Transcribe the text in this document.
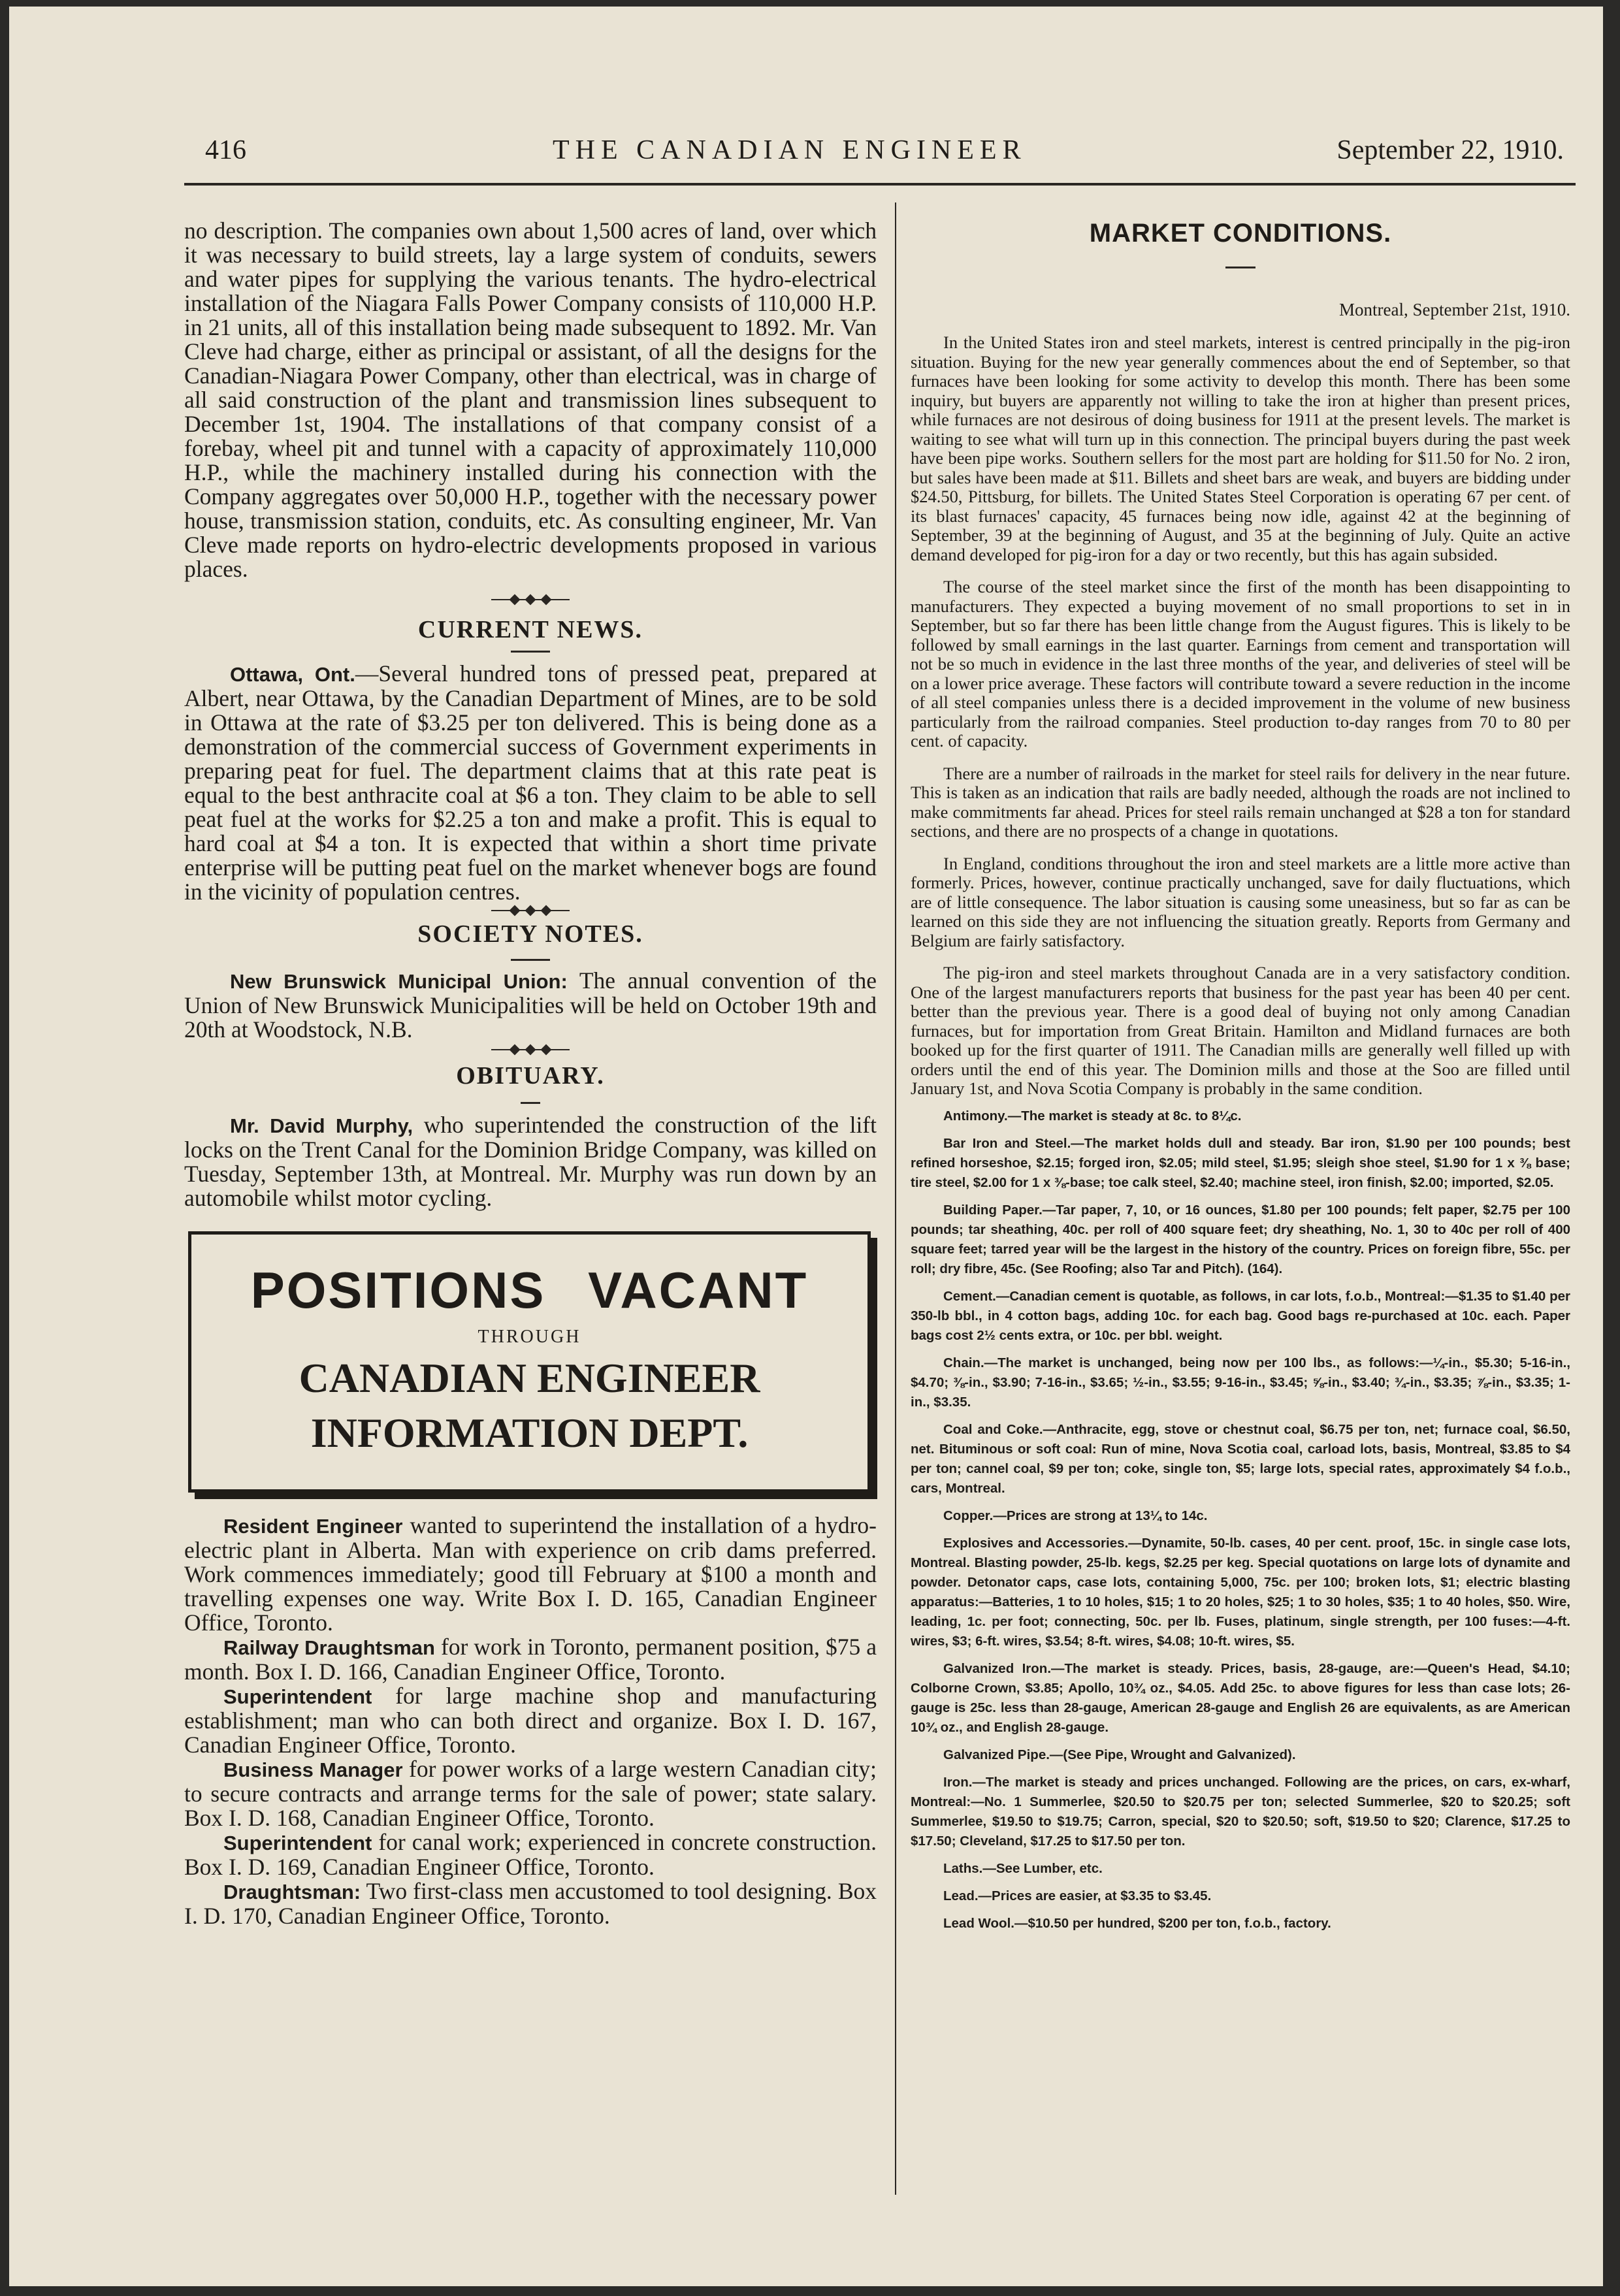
416	THE CANADIAN ENGINEER	September 22, 1910.

no description. The companies own about 1,500 acres of land, over which it was necessary to build streets, lay a large system of conduits, sewers and water pipes for supplying the various tenants. The hydro-electrical installation of the Niagara Falls Power Company consists of 110,000 H.P. in 21 units, all of this installation being made subsequent to 1892. Mr. Van Cleve had charge, either as principal or assistant, of all the designs for the Canadian-Niagara Power Company, other than electrical, was in charge of all said construction of the plant and transmission lines subsequent to December 1st, 1904. The installations of that company consist of a forebay, wheel pit and tunnel with a capacity of approximately 110,000 H.P., while the machinery installed during his connection with the Company aggregates over 50,000 H.P., together with the necessary power house, transmission station, conduits, etc. As consulting engineer, Mr. Van Cleve made reports on hydro-electric developments proposed in various places.

CURRENT NEWS.

Ottawa, Ont.—Several hundred tons of pressed peat, prepared at Albert, near Ottawa, by the Canadian Department of Mines, are to be sold in Ottawa at the rate of $3.25 per ton delivered. This is being done as a demonstration of the commercial success of Government experiments in preparing peat for fuel. The department claims that at this rate peat is equal to the best anthracite coal at $6 a ton. They claim to be able to sell peat fuel at the works for $2.25 a ton and make a profit. This is equal to hard coal at $4 a ton. It is expected that within a short time private enterprise will be putting peat fuel on the market whenever bogs are found in the vicinity of population centres.

SOCIETY NOTES.

New Brunswick Municipal Union: The annual convention of the Union of New Brunswick Municipalities will be held on October 19th and 20th at Woodstock, N.B.

OBITUARY.

Mr. David Murphy, who superintended the construction of the lift locks on the Trent Canal for the Dominion Bridge Company, was killed on Tuesday, September 13th, at Montreal. Mr. Murphy was run down by an automobile whilst motor cycling.

POSITIONS VACANT
THROUGH
CANADIAN ENGINEER
INFORMATION DEPT.

Resident Engineer wanted to superintend the installation of a hydro-electric plant in Alberta. Man with experience on crib dams preferred. Work commences immediately; good till February at $100 a month and travelling expenses one way. Write Box I. D. 165, Canadian Engineer Office, Toronto.

Railway Draughtsman for work in Toronto, permanent position, $75 a month. Box I. D. 166, Canadian Engineer Office, Toronto.

Superintendent for large machine shop and manufacturing establishment; man who can both direct and organize. Box I. D. 167, Canadian Engineer Office, Toronto.

Business Manager for power works of a large western Canadian city; to secure contracts and arrange terms for the sale of power; state salary. Box I. D. 168, Canadian Engineer Office, Toronto.

Superintendent for canal work; experienced in concrete construction. Box I. D. 169, Canadian Engineer Office, Toronto.

Draughtsman: Two first-class men accustomed to tool designing. Box I. D. 170, Canadian Engineer Office, Toronto.

MARKET CONDITIONS.
Montreal, September 21st, 1910.

In the United States iron and steel markets, interest is centred principally in the pig-iron situation. Buying for the new year generally commences about the end of September, so that furnaces have been looking for some activity to develop this month. There has been some inquiry, but buyers are apparently not willing to take the iron at higher than present prices, while furnaces are not desirous of doing business for 1911 at the present levels. The market is waiting to see what will turn up in this connection. The principal buyers during the past week have been pipe works. Southern sellers for the most part are holding for $11.50 for No. 2 iron, but sales have been made at $11. Billets and sheet bars are weak, and buyers are bidding under $24.50, Pittsburg, for billets. The United States Steel Corporation is operating 67 per cent. of its blast furnaces' capacity, 45 furnaces being now idle, against 42 at the beginning of September, 39 at the beginning of August, and 35 at the beginning of July. Quite an active demand developed for pig-iron for a day or two recently, but this has again subsided.

The course of the steel market since the first of the month has been disappointing to manufacturers. They expected a buying movement of no small proportions to set in in September, but so far there has been little change from the August figures. This is likely to be followed by small earnings in the last quarter. Earnings from cement and transportation will not be so much in evidence in the last three months of the year, and deliveries of steel will be on a lower price average. These factors will contribute toward a severe reduction in the income of all steel companies unless there is a decided improvement in the volume of new business particularly from the railroad companies. Steel production to-day ranges from 70 to 80 per cent. of capacity.

There are a number of railroads in the market for steel rails for delivery in the near future. This is taken as an indication that rails are badly needed, although the roads are not inclined to make commitments far ahead. Prices for steel rails remain unchanged at $28 a ton for standard sections, and there are no prospects of a change in quotations.

In England, conditions throughout the iron and steel markets are a little more active than formerly. Prices, however, continue practically unchanged, save for daily fluctuations, which are of little consequence. The labor situation is causing some uneasiness, but so far as can be learned on this side they are not influencing the situation greatly. Reports from Germany and Belgium are fairly satisfactory.

The pig-iron and steel markets throughout Canada are in a very satisfactory condition. One of the largest manufacturers reports that business for the past year has been 40 per cent. better than the previous year. There is a good deal of buying not only among Canadian furnaces, but for importation from Great Britain. Hamilton and Midland furnaces are both booked up for the first quarter of 1911. The Canadian mills are generally well filled up with orders until the end of this year. The Dominion mills and those at the Soo are filled until January 1st, and Nova Scotia Company is probably in the same condition.

Antimony.—The market is steady at 8c. to 8¼c.

Bar Iron and Steel.—The market holds dull and steady. Bar iron, $1.90 per 100 pounds; best refined horseshoe, $2.15; forged iron, $2.05; mild steel, $1.95; sleigh shoe steel, $1.90 for 1 x ⅜ base; tire steel, $2.00 for 1 x ⅜-base; toe calk steel, $2.40; machine steel, iron finish, $2.00; imported, $2.05.

Building Paper.—Tar paper, 7, 10, or 16 ounces, $1.80 per 100 pounds; felt paper, $2.75 per 100 pounds; tar sheathing, 40c. per roll of 400 square feet; dry sheathing, No. 1, 30 to 40c per roll of 400 square feet; tarred year will be the largest in the history of the country. Prices on foreign fibre, 55c. per roll; dry fibre, 45c. (See Roofing; also Tar and Pitch). (164).

Cement.—Canadian cement is quotable, as follows, in car lots, f.o.b., Montreal:—$1.35 to $1.40 per 350-lb bbl., in 4 cotton bags, adding 10c. for each bag. Good bags re-purchased at 10c. each. Paper bags cost 2½ cents extra, or 10c. per bbl. weight.

Chain.—The market is unchanged, being now per 100 lbs., as follows:—¼-in., $5.30; 5-16-in., $4.70; ⅜-in., $3.90; 7-16-in., $3.65; ½-in., $3.55; 9-16-in., $3.45; ⅝-in., $3.40; ¾-in., $3.35; ⅞-in., $3.35; 1-in., $3.35.

Coal and Coke.—Anthracite, egg, stove or chestnut coal, $6.75 per ton, net; furnace coal, $6.50, net. Bituminous or soft coal: Run of mine, Nova Scotia coal, carload lots, basis, Montreal, $3.85 to $4 per ton; cannel coal, $9 per ton; coke, single ton, $5; large lots, special rates, approximately $4 f.o.b., cars, Montreal.

Copper.—Prices are strong at 13¼ to 14c.

Explosives and Accessories.—Dynamite, 50-lb. cases, 40 per cent. proof, 15c. in single case lots, Montreal. Blasting powder, 25-lb. kegs, $2.25 per keg. Special quotations on large lots of dynamite and powder. Detonator caps, case lots, containing 5,000, 75c. per 100; broken lots, $1; electric blasting apparatus:—Batteries, 1 to 10 holes, $15; 1 to 20 holes, $25; 1 to 30 holes, $35; 1 to 40 holes, $50. Wire, leading, 1c. per foot; connecting, 50c. per lb. Fuses, platinum, single strength, per 100 fuses:—4-ft. wires, $3; 6-ft. wires, $3.54; 8-ft. wires, $4.08; 10-ft. wires, $5.

Galvanized Iron.—The market is steady. Prices, basis, 28-gauge, are:—Queen's Head, $4.10; Colborne Crown, $3.85; Apollo, 10¾ oz., $4.05. Add 25c. to above figures for less than case lots; 26-gauge is 25c. less than 28-gauge, American 28-gauge and English 26 are equivalents, as are American 10¾ oz., and English 28-gauge.

Galvanized Pipe.—(See Pipe, Wrought and Galvanized).

Iron.—The market is steady and prices unchanged. Following are the prices, on cars, ex-wharf, Montreal:—No. 1 Summerlee, $20.50 to $20.75 per ton; selected Summerlee, $20 to $20.25; soft Summerlee, $19.50 to $19.75; Carron, special, $20 to $20.50; soft, $19.50 to $20; Clarence, $17.25 to $17.50; Cleveland, $17.25 to $17.50 per ton.

Laths.—See Lumber, etc.

Lead.—Prices are easier, at $3.35 to $3.45.

Lead Wool.—$10.50 per hundred, $200 per ton, f.o.b., factory.
